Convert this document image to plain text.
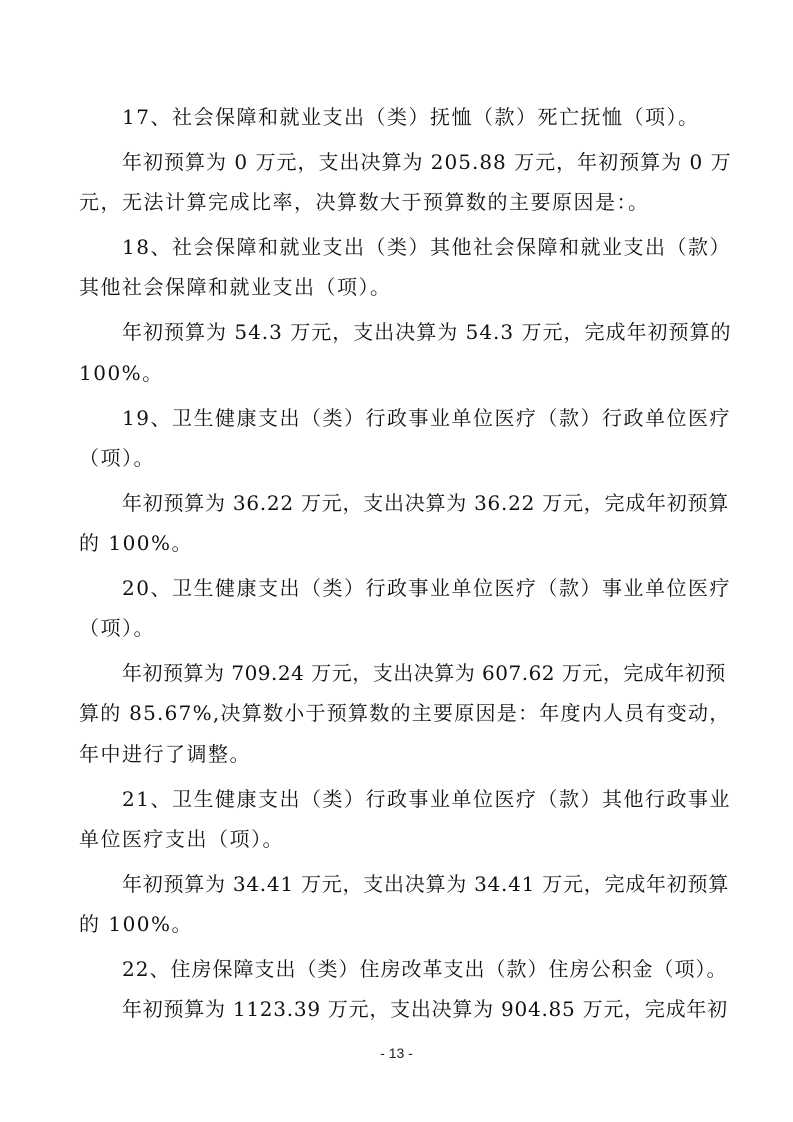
17、社会保障和就业支出（类）抚恤（款）死亡抚恤（项）。
年初预算为 0 万元，支出决算为 205.88 万元，年初预算为 0 万
元，无法计算完成比率，决算数大于预算数的主要原因是：。
18、社会保障和就业支出（类）其他社会保障和就业支出（款）
其他社会保障和就业支出（项）。
年初预算为 54.3 万元，支出决算为 54.3 万元，完成年初预算的
100%。
19、卫生健康支出（类）行政事业单位医疗（款）行政单位医疗
（项）。
年初预算为 36.22 万元，支出决算为 36.22 万元，完成年初预算
的 100%。
20、卫生健康支出（类）行政事业单位医疗（款）事业单位医疗
（项）。
年初预算为 709.24 万元，支出决算为 607.62 万元，完成年初预
算的 85.67%,决算数小于预算数的主要原因是：年度内人员有变动，
年中进行了调整。
21、卫生健康支出（类）行政事业单位医疗（款）其他行政事业
单位医疗支出（项）。
年初预算为 34.41 万元，支出决算为 34.41 万元，完成年初预算
的 100%。
22、住房保障支出（类）住房改革支出（款）住房公积金（项）。
年初预算为 1123.39 万元，支出决算为 904.85 万元，完成年初
- 13 -
